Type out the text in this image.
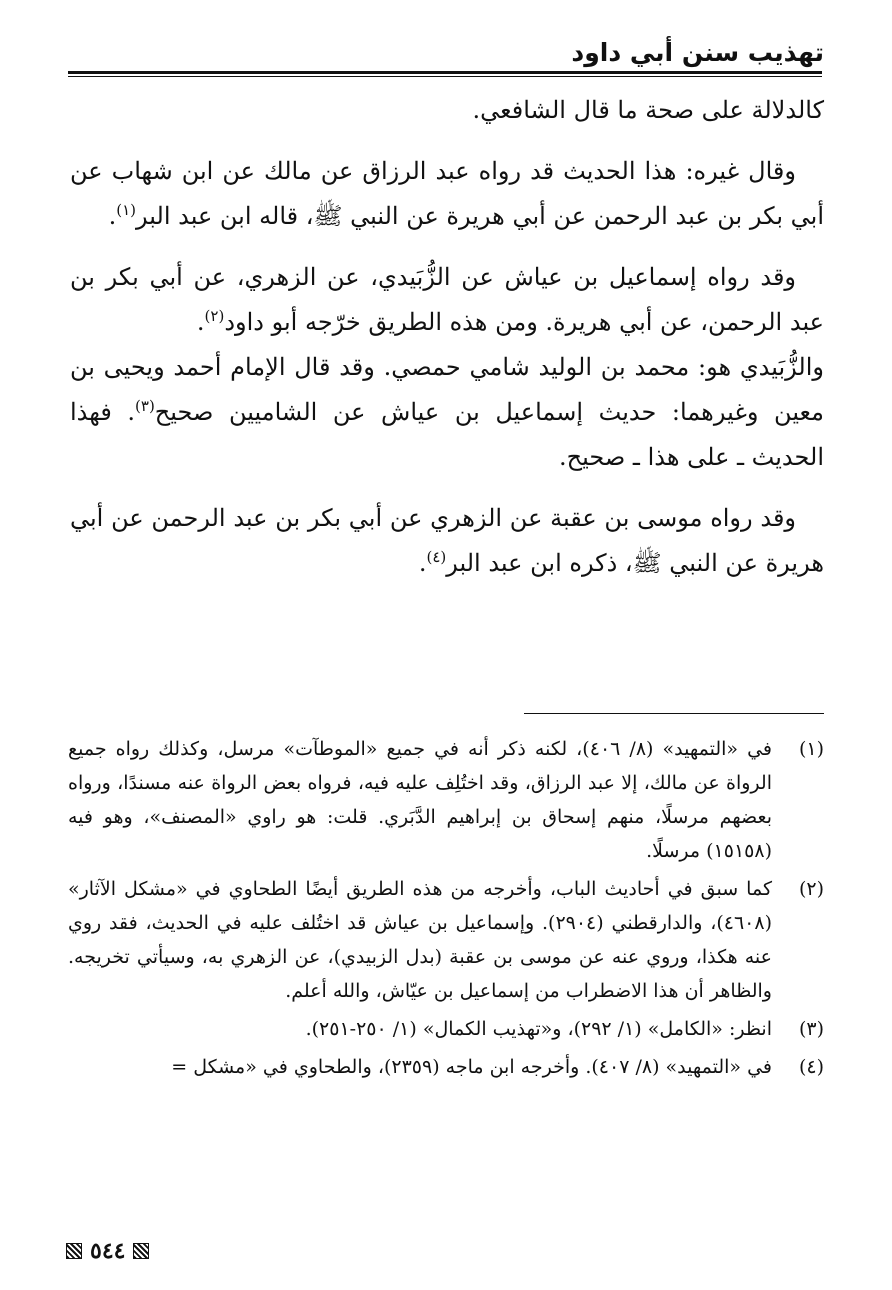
تهذيب سنن أبي داود

كالدلالة على صحة ما قال الشافعي.

وقال غيره: هذا الحديث قد رواه عبد الرزاق عن مالك عن ابن شهاب عن أبي بكر بن عبد الرحمن عن أبي هريرة عن النبي ﷺ، قاله ابن عبد البر$^{(١)}$.

وقد رواه إسماعيل بن عياش عن الزُّبَيدي، عن الزهري، عن أبي بكر بن عبد الرحمن، عن أبي هريرة. ومن هذه الطريق خرّجه أبو داود$^{(٢)}$.

والزُّبَيدي هو: محمد بن الوليد شامي حمصي. وقد قال الإمام أحمد ويحيى بن معين وغيرهما: حديث إسماعيل بن عياش عن الشاميين صحيح$^{(٣)}$. فهذا الحديث ـ على هذا ـ صحيح.

وقد رواه موسى بن عقبة عن الزهري عن أبي بكر بن عبد الرحمن عن أبي هريرة عن النبي ﷺ، ذكره ابن عبد البر$^{(٤)}$.

(١)
في «التمهيد» (٨/ ٤٠٦)، لكنه ذكر أنه في جميع «الموطآت» مرسل، وكذلك رواه جميع الرواة عن مالك، إلا عبد الرزاق، وقد اختُلِف عليه فيه، فرواه بعض الرواة عنه مسندًا، ورواه بعضهم مرسلًا، منهم إسحاق بن إبراهيم الدَّبَري. قلت: هو راوي «المصنف»، وهو فيه (١٥١٥٨) مرسلًا.
(٢)
كما سبق في أحاديث الباب، وأخرجه من هذه الطريق أيضًا الطحاوي في «مشكل الآثار» (٤٦٠٨)، والدارقطني (٢٩٠٤). وإسماعيل بن عياش قد اختُلف عليه في الحديث، فقد روي عنه هكذا، وروي عنه عن موسى بن عقبة (بدل الزبيدي)، عن الزهري به، وسيأتي تخريجه. والظاهر أن هذا الاضطراب من إسماعيل بن عيّاش، والله أعلم.
(٣)
انظر: «الكامل» (١/ ٢٩٢)، و«تهذيب الكمال» (١/ ٢٥٠-٢٥١).
(٤)
في «التمهيد» (٨/ ٤٠٧). وأخرجه ابن ماجه (٢٣٥٩)، والطحاوي في «مشكل =
٥٤٤
